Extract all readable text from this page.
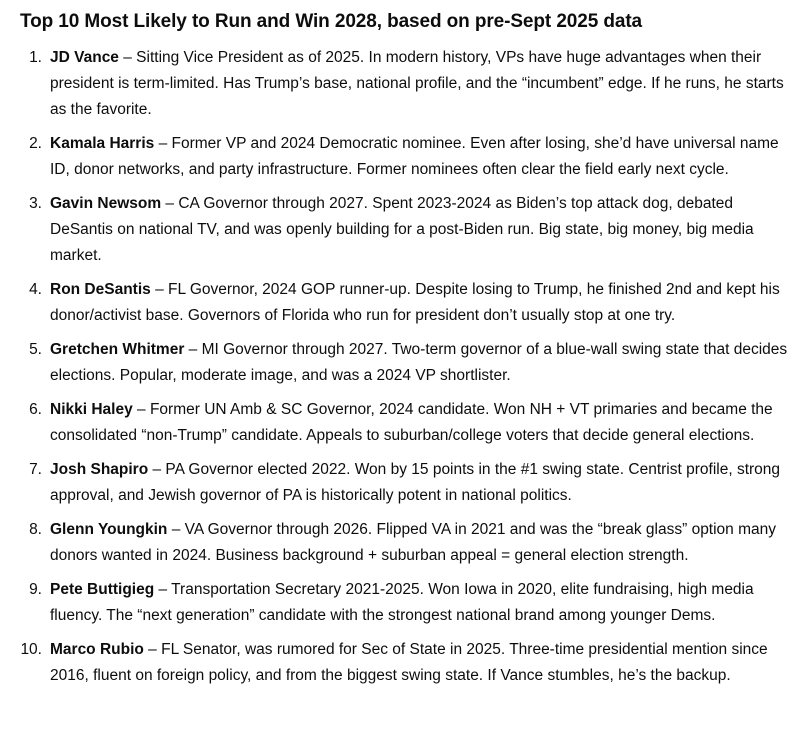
Top 10 Most Likely to Run and Win 2028, based on pre-Sept 2025 data
1. JD Vance – Sitting Vice President as of 2025. In modern history, VPs have huge advantages when their president is term-limited. Has Trump’s base, national profile, and the “incumbent” edge. If he runs, he starts as the favorite.
2. Kamala Harris – Former VP and 2024 Democratic nominee. Even after losing, she’d have universal name ID, donor networks, and party infrastructure. Former nominees often clear the field early next cycle.
3. Gavin Newsom – CA Governor through 2027. Spent 2023-2024 as Biden’s top attack dog, debated DeSantis on national TV, and was openly building for a post-Biden run. Big state, big money, big media market.
4. Ron DeSantis – FL Governor, 2024 GOP runner-up. Despite losing to Trump, he finished 2nd and kept his donor/activist base. Governors of Florida who run for president don’t usually stop at one try.
5. Gretchen Whitmer – MI Governor through 2027. Two-term governor of a blue-wall swing state that decides elections. Popular, moderate image, and was a 2024 VP shortlister.
6. Nikki Haley – Former UN Amb & SC Governor, 2024 candidate. Won NH + VT primaries and became the consolidated “non-Trump” candidate. Appeals to suburban/college voters that decide general elections.
7. Josh Shapiro – PA Governor elected 2022. Won by 15 points in the #1 swing state. Centrist profile, strong approval, and Jewish governor of PA is historically potent in national politics.
8. Glenn Youngkin – VA Governor through 2026. Flipped VA in 2021 and was the “break glass” option many donors wanted in 2024. Business background + suburban appeal = general election strength.
9. Pete Buttigieg – Transportation Secretary 2021-2025. Won Iowa in 2020, elite fundraising, high media fluency. The “next generation” candidate with the strongest national brand among younger Dems.
10. Marco Rubio – FL Senator, was rumored for Sec of State in 2025. Three-time presidential mention since 2016, fluent on foreign policy, and from the biggest swing state. If Vance stumbles, he’s the backup.
